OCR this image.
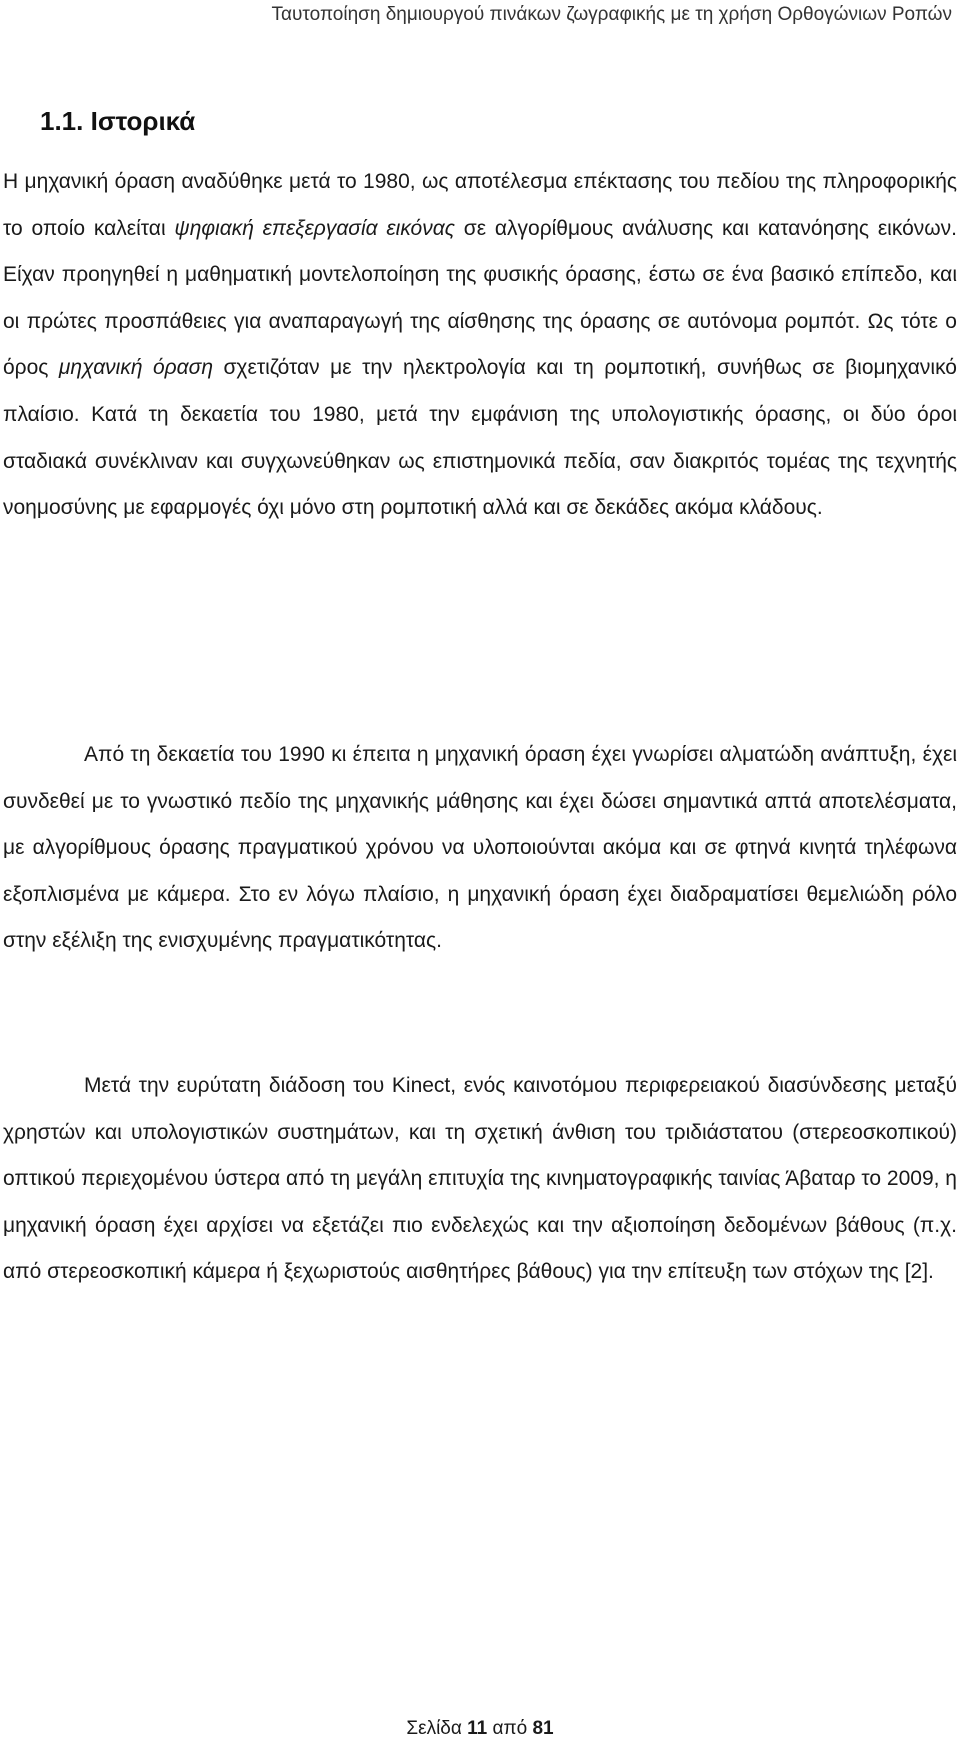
Ταυτοποίηση δημιουργού πινάκων ζωγραφικής με τη χρήση Ορθογώνιων Ροπών
1.1. Ιστορικά

Η μηχανική όραση αναδύθηκε μετά το 1980, ως αποτέλεσμα επέκτασης του πεδίου της πληροφορικής το οποίο καλείται ψηφιακή επεξεργασία εικόνας σε αλγορίθμους ανάλυσης και κατανόησης εικόνων. Είχαν προηγηθεί η μαθηματική μοντελοποίηση της φυσικής όρασης, έστω σε ένα βασικό επίπεδο, και οι πρώτες προσπάθειες για αναπαραγωγή της αίσθησης της όρασης σε αυτόνομα ρομπότ. Ως τότε ο όρος μηχανική όραση σχετιζόταν με την ηλεκτρολογία και τη ρομποτική, συνήθως σε βιομηχανικό πλαίσιο. Κατά τη δεκαετία του 1980, μετά την εμφάνιση της υπολογιστικής όρασης, οι δύο όροι σταδιακά συνέκλιναν και συγχωνεύθηκαν ως επιστημονικά πεδία, σαν διακριτός τομέας της τεχνητής νοημοσύνης με εφαρμογές όχι μόνο στη ρομποτική αλλά και σε δεκάδες ακόμα κλάδους.

Από τη δεκαετία του 1990 κι έπειτα η μηχανική όραση έχει γνωρίσει αλματώδη ανάπτυξη, έχει συνδεθεί με το γνωστικό πεδίο της μηχανικής μάθησης και έχει δώσει σημαντικά απτά αποτελέσματα, με αλγορίθμους όρασης πραγματικού χρόνου να υλοποιούνται ακόμα και σε φτηνά κινητά τηλέφωνα εξοπλισμένα με κάμερα. Στο εν λόγω πλαίσιο, η μηχανική όραση έχει διαδραματίσει θεμελιώδη ρόλο στην εξέλιξη της ενισχυμένης πραγματικότητας.

Μετά την ευρύτατη διάδοση του Kinect, ενός καινοτόμου περιφερειακού διασύνδεσης μεταξύ χρηστών και υπολογιστικών συστημάτων, και τη σχετική άνθιση του τριδιάστατου (στερεοσκοπικού) οπτικού περιεχομένου ύστερα από τη μεγάλη επιτυχία της κινηματογραφικής ταινίας Άβαταρ το 2009, η μηχανική όραση έχει αρχίσει να εξετάζει πιο ενδελεχώς και την αξιοποίηση δεδομένων βάθους (π.χ. από στερεοσκοπική κάμερα ή ξεχωριστούς αισθητήρες βάθους) για την επίτευξη των στόχων της [2].

Σελίδα 11 από 81
